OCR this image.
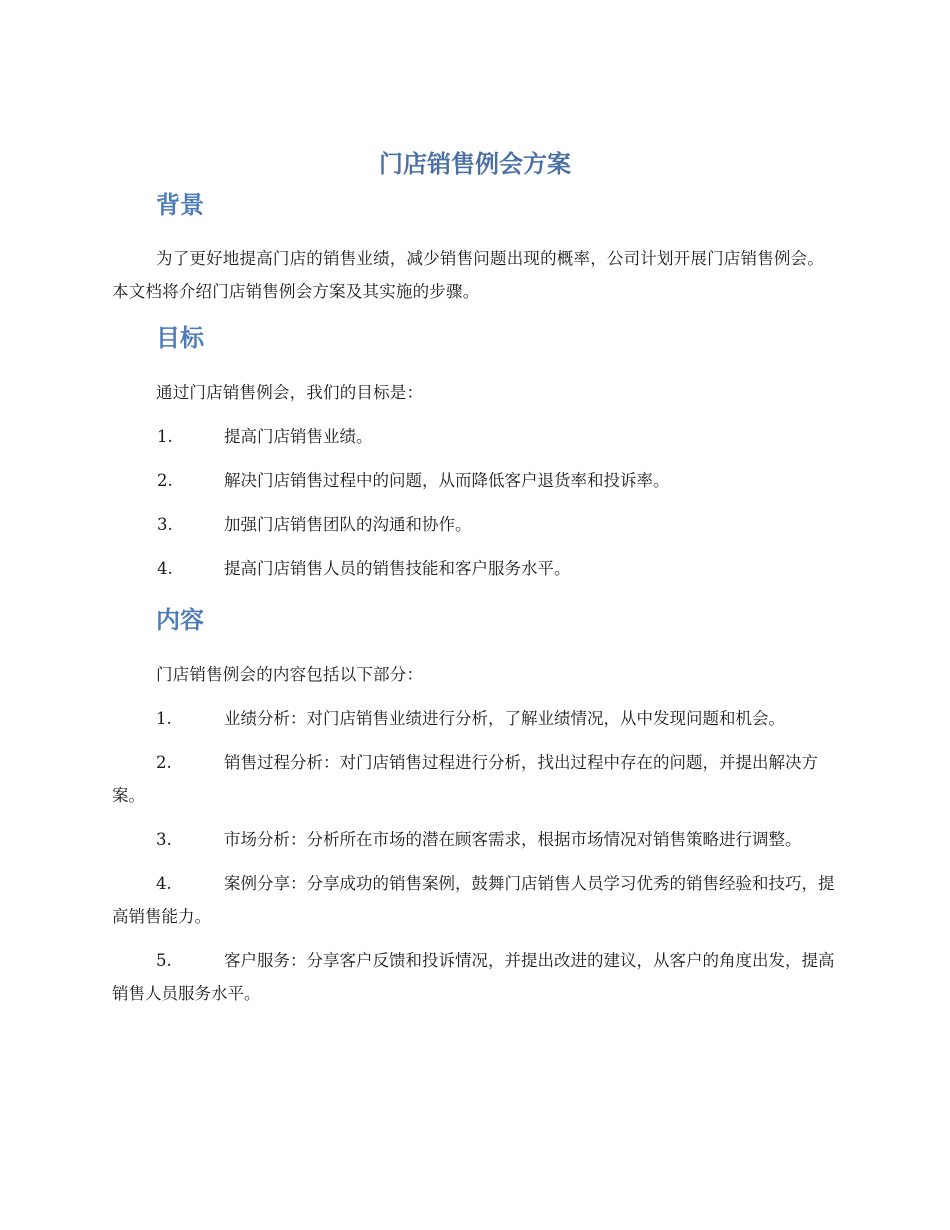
门店销售例会方案
背景

为了更好地提高门店的销售业绩，减少销售问题出现的概率，公司计划开展门店销售例会。本文档将介绍门店销售例会方案及其实施的步骤。

目标

通过门店销售例会，我们的目标是：

1.	提高门店销售业绩。

2.	解决门店销售过程中的问题，从而降低客户退货率和投诉率。

3.	加强门店销售团队的沟通和协作。

4.	提高门店销售人员的销售技能和客户服务水平。

内容

门店销售例会的内容包括以下部分：

1.	业绩分析：对门店销售业绩进行分析，了解业绩情况，从中发现问题和机会。

2.	销售过程分析：对门店销售过程进行分析，找出过程中存在的问题，并提出解决方案。

3.	市场分析：分析所在市场的潜在顾客需求，根据市场情况对销售策略进行调整。

4.	案例分享：分享成功的销售案例，鼓舞门店销售人员学习优秀的销售经验和技巧，提高销售能力。

5.	客户服务：分享客户反馈和投诉情况，并提出改进的建议，从客户的角度出发，提高销售人员服务水平。
